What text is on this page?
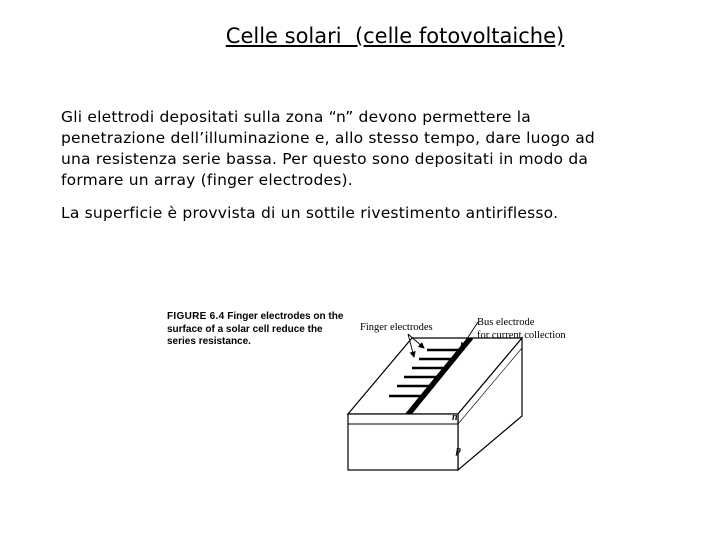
Celle solari  (celle fotovoltaiche)
Gli elettrodi depositati sulla zona “n” devono permettere la penetrazione dell’illuminazione e, allo stesso tempo, dare luogo ad una resistenza serie bassa. Per questo sono depositati in modo da formare un array (finger electrodes).
La superficie è provvista di un sottile rivestimento antiriflesso.
FIGURE 6.4 Finger electrodes on the surface of a solar cell reduce the series resistance.
Finger electrodes	Bus electrode
for current collection
n
p
